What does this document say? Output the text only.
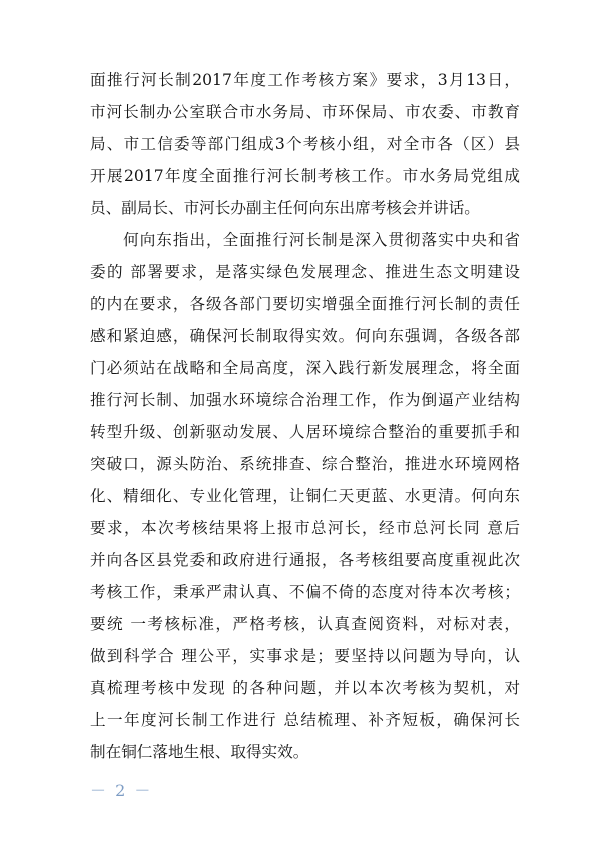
面推行河长制2017年度工作考核方案》要求，3月13日，
市河长制办公室联合市水务局、市环保局、市农委、市教育
局、市工信委等部门组成3个考核小组，对全市各（区）县
开展2017年度全面推行河长制考核工作。市水务局党组成
员、副局长、市河长办副主任何向东出席考核会并讲话。
　　何向东指出，全面推行河长制是深入贯彻落实中央和省
委的 部署要求，是落实绿色发展理念、推进生态文明建设
的内在要求，各级各部门要切实增强全面推行河长制的责任
感和紧迫感，确保河长制取得实效。何向东强调，各级各部
门必须站在战略和全局高度，深入践行新发展理念，将全面
推行河长制、加强水环境综合治理工作，作为倒逼产业结构
转型升级、创新驱动发展、人居环境综合整治的重要抓手和
突破口，源头防治、系统排查、综合整治，推进水环境网格
化、精细化、专业化管理，让铜仁天更蓝、水更清。何向东
要求，本次考核结果将上报市总河长，经市总河长同 意后
并向各区县党委和政府进行通报，各考核组要高度重视此次
考核工作，秉承严肃认真、不偏不倚的态度对待本次考核；
要统 一考核标准，严格考核，认真查阅资料，对标对表，
做到科学合 理公平，实事求是；要坚持以问题为导向，认
真梳理考核中发现 的各种问题，并以本次考核为契机，对
上一年度河长制工作进行 总结梳理、补齐短板，确保河长
制在铜仁落地生根、取得实效。
－ 2 －
